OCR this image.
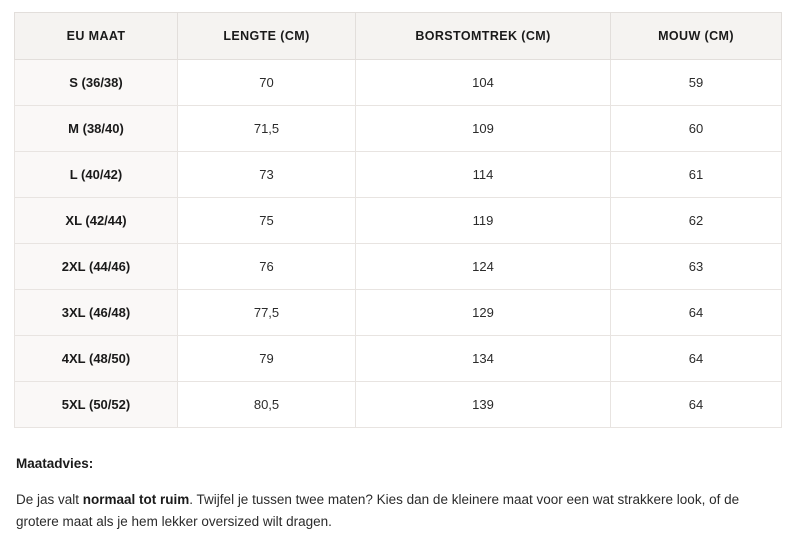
EU MAAT	LENGTE (CM)	BORSTOMTREK (CM)	MOUW (CM)
S (36/38)	70	104	59
M (38/40)	71,5	109	60
L (40/42)	73	114	61
XL (42/44)	75	119	62
2XL (44/46)	76	124	63
3XL (46/48)	77,5	129	64
4XL (48/50)	79	134	64
5XL (50/52)	80,5	139	64
Maatadvies:
De jas valt normaal tot ruim. Twijfel je tussen twee maten? Kies dan de kleinere maat voor een wat strakkere look, of de grotere maat als je hem lekker oversized wilt dragen.
